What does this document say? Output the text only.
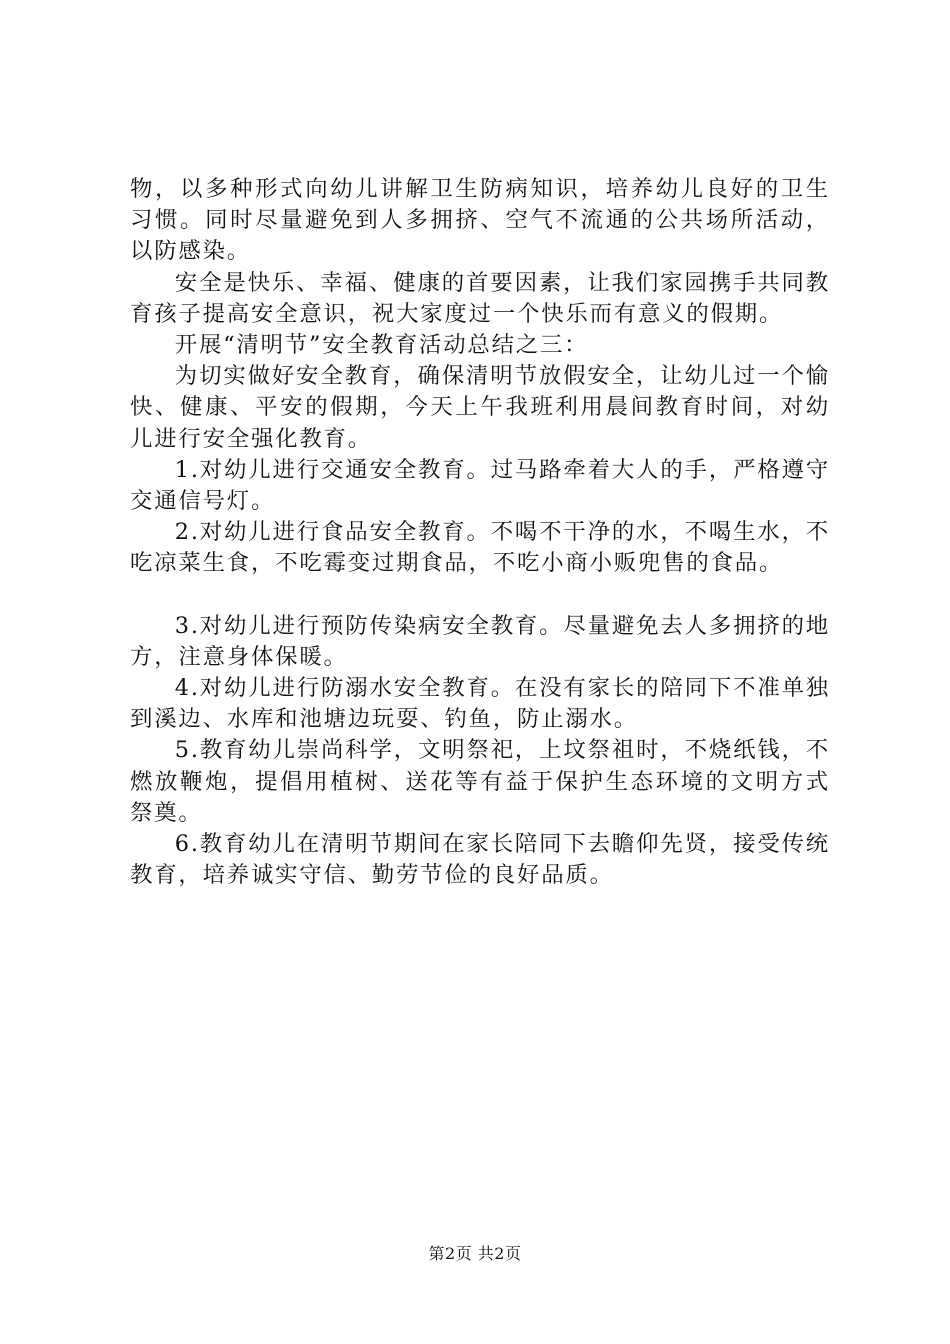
物，以多种形式向幼儿讲解卫生防病知识，培养幼儿良好的卫生习惯。同时尽量避免到人多拥挤、空气不流通的公共场所活动，以防感染。

安全是快乐、幸福、健康的首要因素，让我们家园携手共同教育孩子提高安全意识，祝大家度过一个快乐而有意义的假期。

开展“清明节”安全教育活动总结之三：

为切实做好安全教育，确保清明节放假安全，让幼儿过一个愉快、健康、平安的假期，今天上午我班利用晨间教育时间，对幼儿进行安全强化教育。

1.对幼儿进行交通安全教育。过马路牵着大人的手，严格遵守交通信号灯。

2.对幼儿进行食品安全教育。不喝不干净的水，不喝生水，不吃凉菜生食，不吃霉变过期食品，不吃小商小贩兜售的食品。

3.对幼儿进行预防传染病安全教育。尽量避免去人多拥挤的地方，注意身体保暖。

4.对幼儿进行防溺水安全教育。在没有家长的陪同下不准单独到溪边、水库和池塘边玩耍、钓鱼，防止溺水。

5.教育幼儿崇尚科学，文明祭祀，上坟祭祖时，不烧纸钱，不燃放鞭炮，提倡用植树、送花等有益于保护生态环境的文明方式祭奠。

6.教育幼儿在清明节期间在家长陪同下去瞻仰先贤，接受传统教育，培养诚实守信、勤劳节俭的良好品质。

第2页 共2页
